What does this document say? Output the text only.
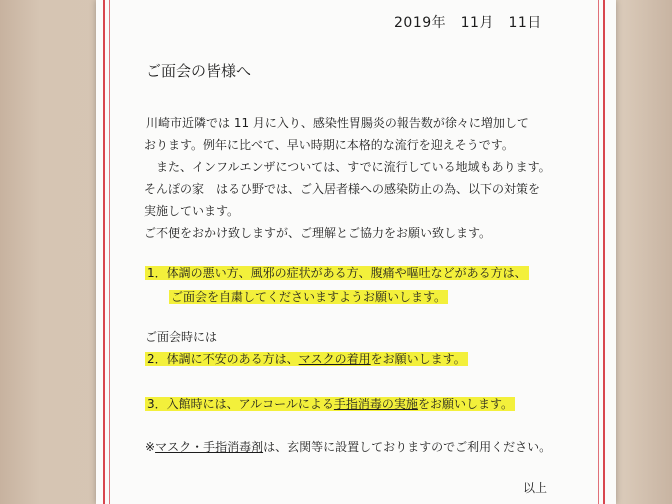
2019年　11月　11日
ご面会の皆様へ
川崎市近隣では 11 月に入り、感染性胃腸炎の報告数が徐々に増加して
おります。例年に比べて、早い時期に本格的な流行を迎えそうです。
また、インフルエンザについては、すでに流行している地域もあります。
そんぽの家　はるひ野では、ご入居者様への感染防止の為、以下の対策を
実施しています。
ご不便をおかけ致しますが、ご理解とご協力をお願い致します。
1．体調の悪い方、風邪の症状がある方、腹痛や嘔吐などがある方は、
ご面会を自粛してくださいますようお願いします。
ご面会時には
2．体調に不安のある方は、マスクの着用をお願いします。
3．入館時には、アルコールによる手指消毒の実施をお願いします。
※マスク・手指消毒剤は、玄関等に設置しておりますのでご利用ください。
以上
